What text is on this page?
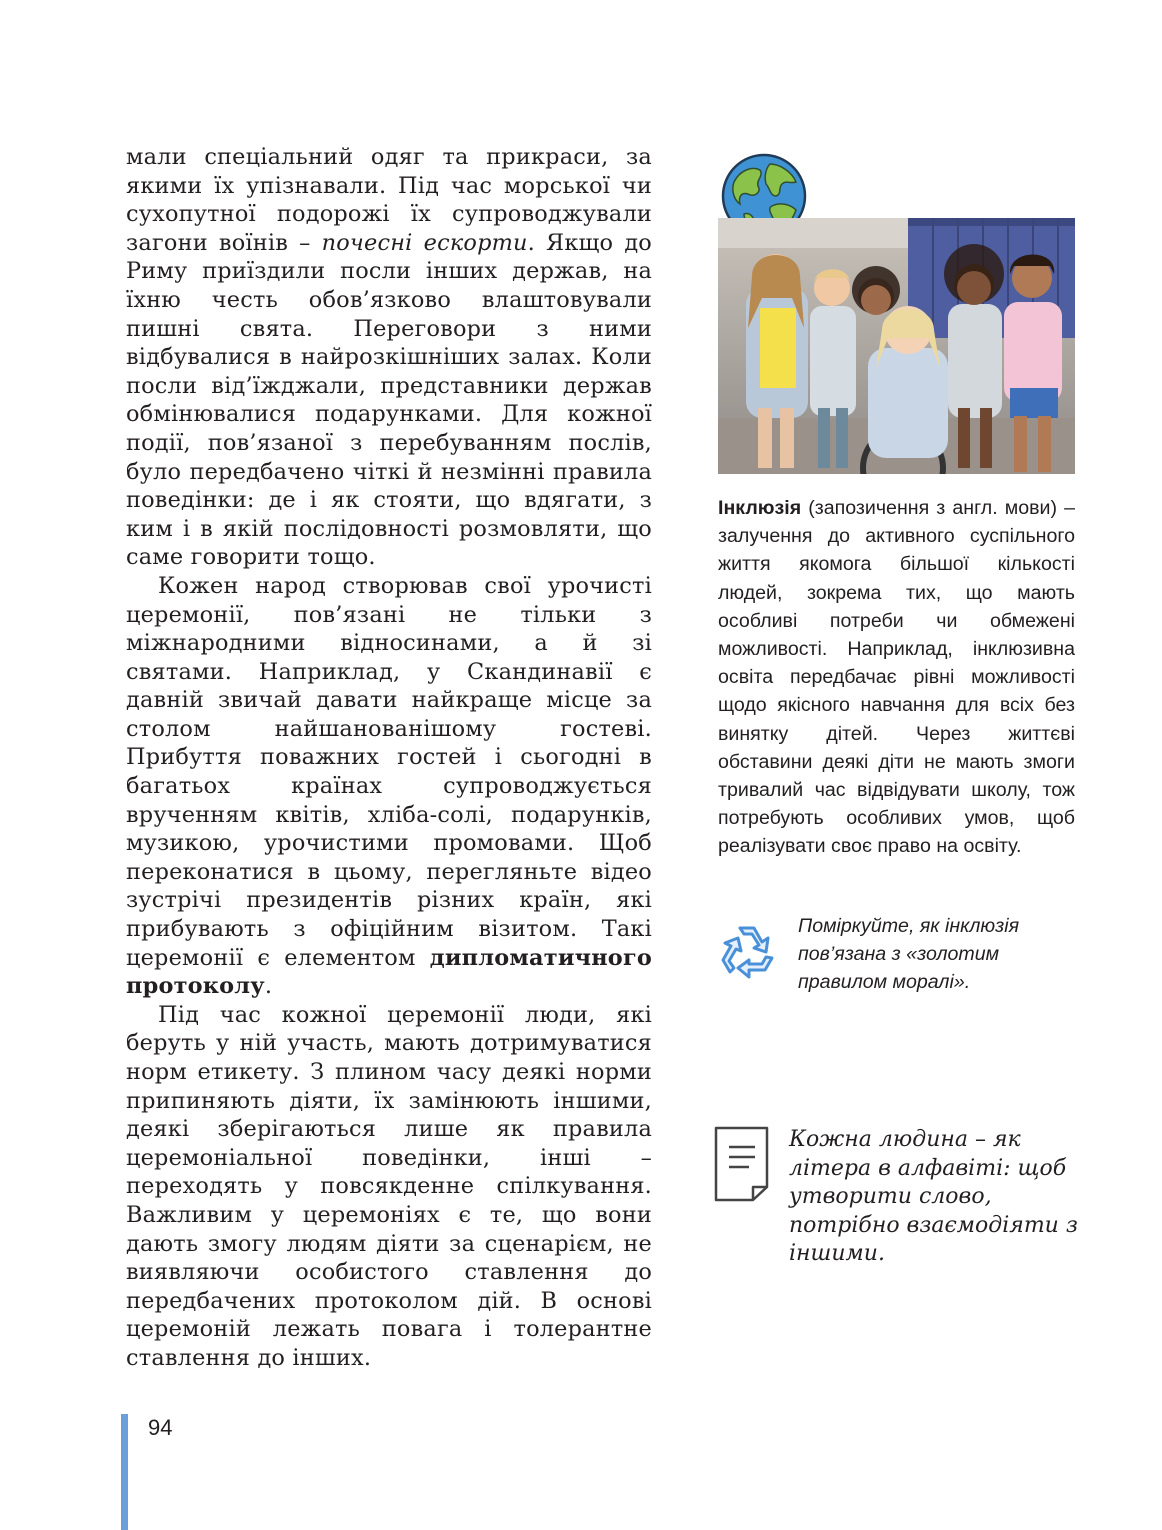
мали спеціальний одяг та прикраси, за якими їх упізнавали. Під час морської чи сухопутної подорожі їх супроводжували загони воїнів – почесні ескорти. Якщо до Риму приїздили посли інших держав, на їхню честь обов’язково влаштовували пишні свята. Переговори з ними відбувалися в найрозкішніших залах. Коли посли від’їжджали, представники держав обмінювалися подарунками. Для кожної події, пов’язаної з перебуванням послів, було передбачено чіткі й незмінні правила поведінки: де і як стояти, що вдягати, з ким і в якій послідовності розмовляти, що саме говорити тощо.

Кожен народ створював свої урочисті церемонії, пов’язані не тільки з міжнародними відносинами, а й зі святами. Наприклад, у Скандинавії є давній звичай давати найкраще місце за столом найшанованішому гостеві. Прибуття поважних гостей і сьогодні в багатьох країнах супроводжується врученням квітів, хліба-солі, подарунків, музикою, урочистими промовами. Щоб переконатися в цьому, перегляньте відео зустрічі президентів різних країн, які прибувають з офіційним візитом. Такі церемонії є елементом дипломатичного протоколу.

Під час кожної церемонії люди, які беруть у ній участь, мають дотримуватися норм етикету. З плином часу деякі норми припиняють діяти, їх замінюють іншими, деякі зберігаються лише як правила церемоніальної поведінки, інші – переходять у повсякденне спілкування. Важливим у церемоніях є те, що вони дають змогу людям діяти за сценарієм, не виявляючи особистого ставлення до передбачених протоколом дій. В основі церемоній лежать повага і толерантне ставлення до інших.

Інклюзія (запозичення з англ. мови) – залучення до активного суспільного життя якомога більшої кількості людей, зокрема тих, що мають особливі потреби чи обмежені можливості. Наприклад, інклюзивна освіта передбачає рівні можливості щодо якісного навчання для всіх без винятку дітей. Через життєві обставини деякі діти не мають змоги тривалий час відвідувати школу, тож потребують особливих умов, щоб реалізувати своє право на освіту.
Поміркуйте, як інклюзія пов’язана з «золотим правилом моралі».
Кожна людина – як літера в алфавіті: щоб утворити слово, потрібно взаємодіяти з іншими.
94
